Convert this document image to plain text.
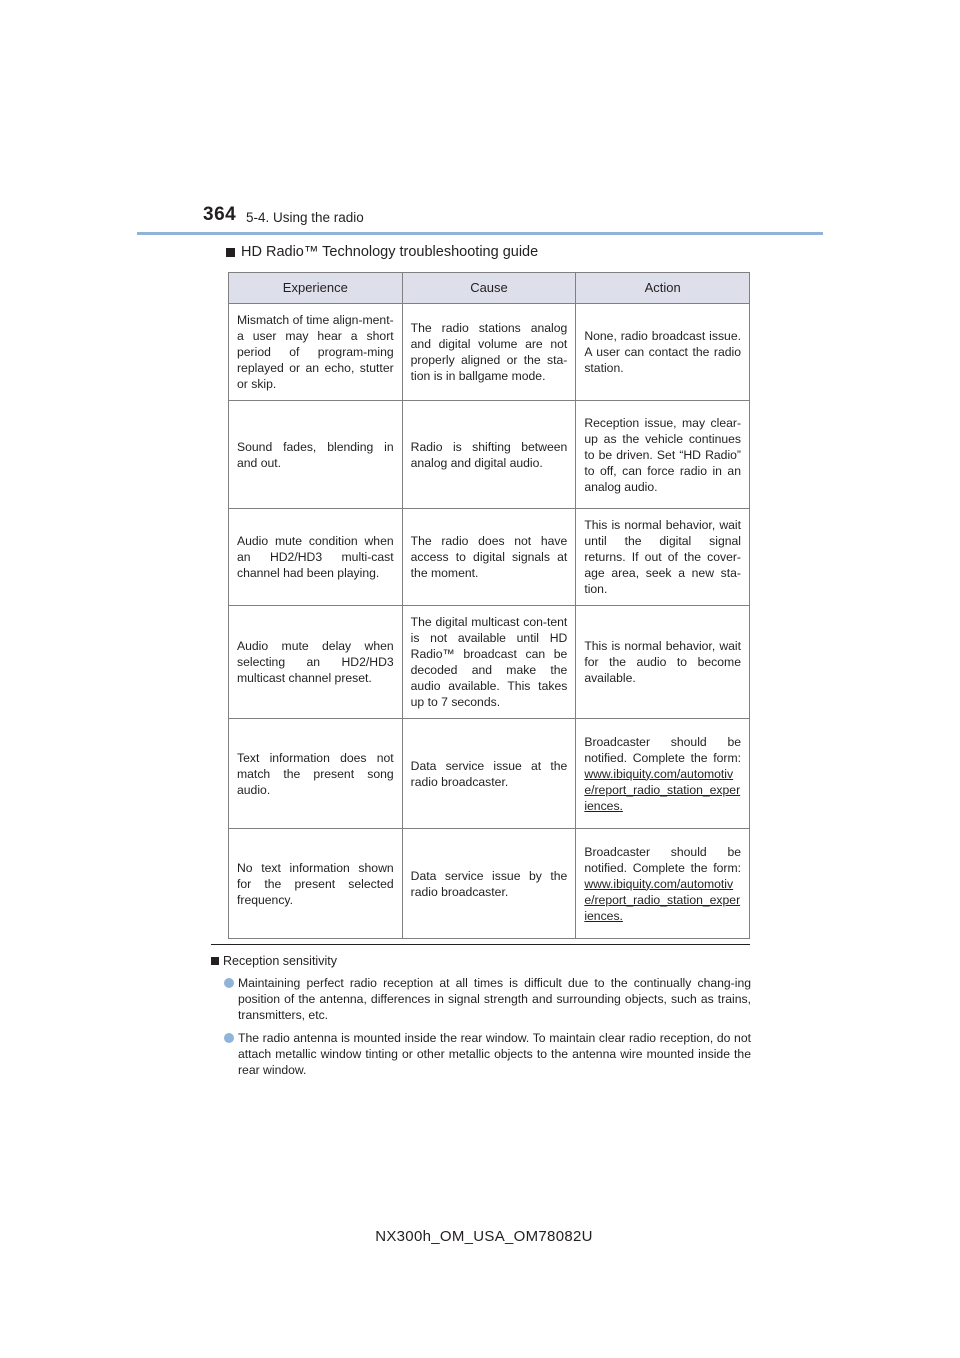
364 5-4. Using the radio
HD Radio™ Technology troubleshooting guide
Experience	Cause	Action
Mismatch of time align-ment- a user may hear a short period of program-ming replayed or an echo, stutter or skip.	The radio stations analog and digital volume are not properly aligned or the sta-tion is in ballgame mode.	None, radio broadcast issue. A user can contact the radio station.
Sound fades, blending in and out.	Radio is shifting between analog and digital audio.	Reception issue, may clear-up as the vehicle continues to be driven. Set “HD Radio” to off, can force radio in an analog audio.
Audio mute condition when an HD2/HD3 multi-cast channel had been playing.	The radio does not have access to digital signals at the moment.	This is normal behavior, wait until the digital signal returns. If out of the cover-age area, seek a new sta-tion.
Audio mute delay when selecting an HD2/HD3 multicast channel preset.	The digital multicast con-tent is not available until HD Radio™ broadcast can be decoded and make the audio available. This takes up to 7 seconds.	This is normal behavior, wait for the audio to become available.
Text information does not match the present song audio.	Data service issue at the radio broadcaster.	Broadcaster should be notified. Complete the form: www.ibiquity.com/automotive/report_radio_station_experiences.
No text information shown for the present selected frequency.	Data service issue by the radio broadcaster.	Broadcaster should be notified. Complete the form: www.ibiquity.com/automotive/report_radio_station_experiences.
Reception sensitivity
Maintaining perfect radio reception at all times is difficult due to the continually chang-ing position of the antenna, differences in signal strength and surrounding objects, such as trains, transmitters, etc.
The radio antenna is mounted inside the rear window. To maintain clear radio reception, do not attach metallic window tinting or other metallic objects to the antenna wire mounted inside the rear window.
NX300h_OM_USA_OM78082U
